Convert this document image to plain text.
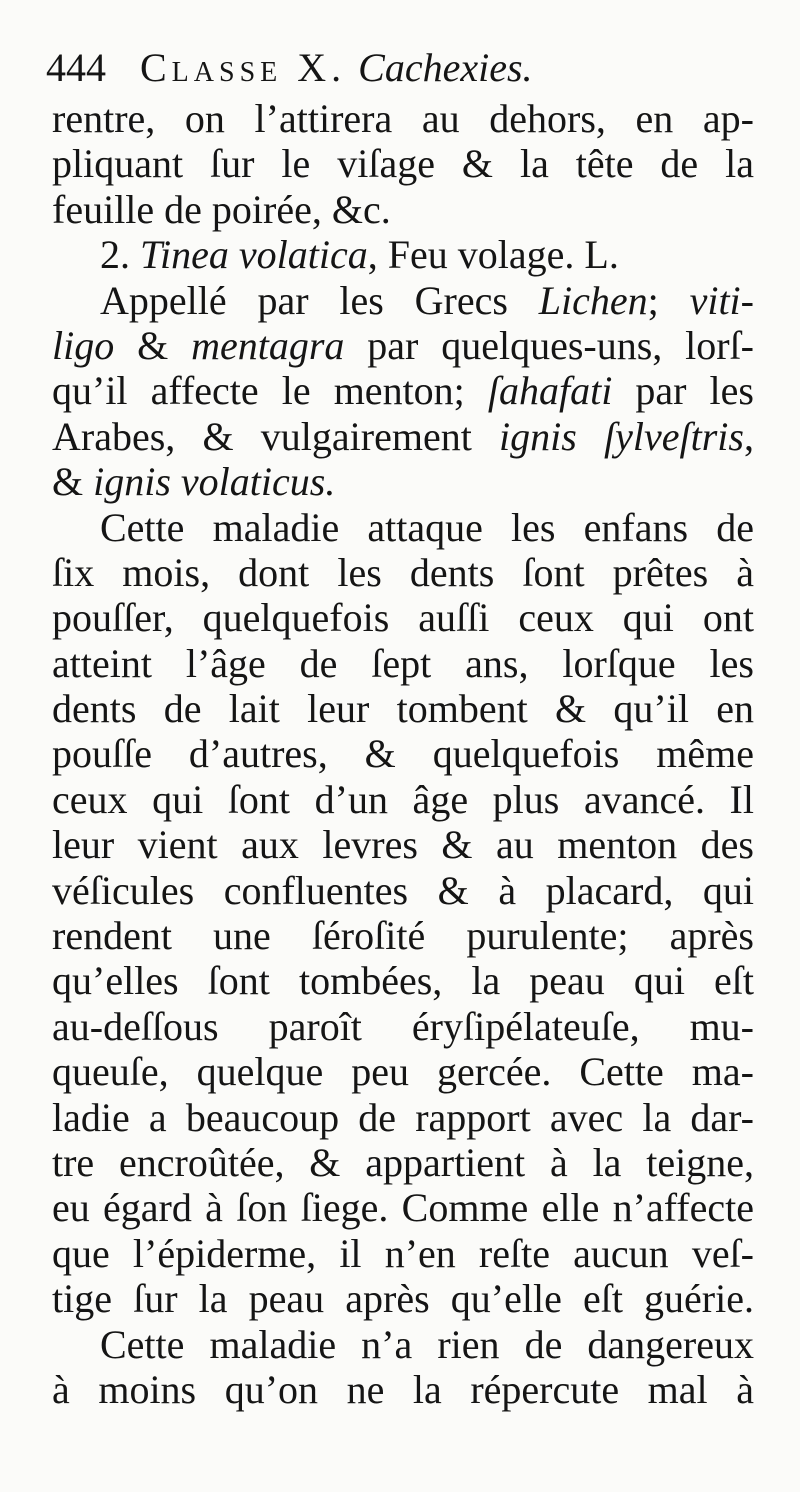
444 Classe X. Cachexies.
rentre, on l’attirera au dehors, en ap-
pliquant ſur le viſage & la tête de la
feuille de poirée, &c.
2. Tinea volatica, Feu volage. L.
Appellé par les Grecs Lichen; viti-
ligo & mentagra par quelques-uns, lorſ-
qu’il affecte le menton; ſahafati par les
Arabes, & vulgairement ignis ſylveſtris,
& ignis volaticus.
Cette maladie attaque les enfans de
ſix mois, dont les dents ſont prêtes à
pouſſer, quelquefois auſſi ceux qui ont
atteint l’âge de ſept ans, lorſque les
dents de lait leur tombent & qu’il en
pouſſe d’autres, & quelquefois même
ceux qui ſont d’un âge plus avancé. Il
leur vient aux levres & au menton des
véſicules confluentes & à placard, qui
rendent une ſéroſité purulente; après
qu’elles ſont tombées, la peau qui eſt
au-deſſous paroît éryſipélateuſe, mu-
queuſe, quelque peu gercée. Cette ma-
ladie a beaucoup de rapport avec la dar-
tre encroûtée, & appartient à la teigne,
eu égard à ſon ſiege. Comme elle n’affecte
que l’épiderme, il n’en reſte aucun veſ-
tige ſur la peau après qu’elle eſt guérie.
Cette maladie n’a rien de dangereux
à moins qu’on ne la répercute mal à
